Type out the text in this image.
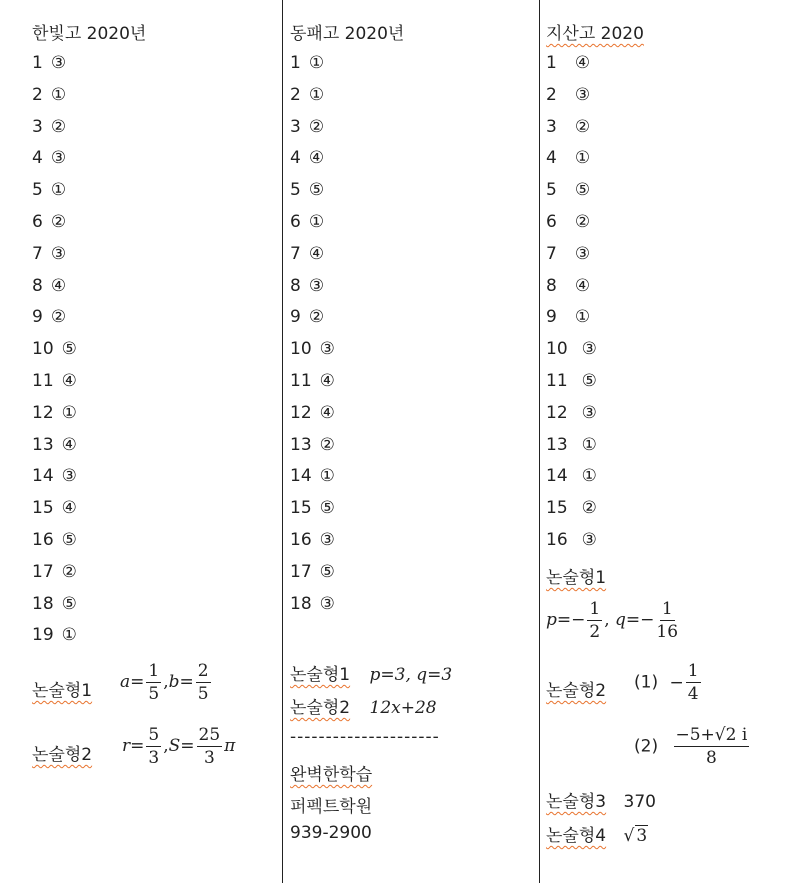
한빛고 2020년
1 ③
2 ①
3 ②
4 ③
5 ①
6 ②
7 ③
8 ④
9 ②
10 ⑤
11 ④
12 ①
13 ④
14 ③
15 ④
16 ⑤
17 ②
18 ⑤
19 ①
논술형1 $a= \frac{1}{5} ,b= \frac{2}{5}$
논술형2 $r= \frac{5}{3} ,S= \frac{25}{3}$ π
동패고 2020년
1 ①
2 ①
3 ②
4 ④
5 ⑤
6 ①
7 ④
8 ③
9 ②
10 ③
11 ④
12 ④
13 ②
14 ①
15 ⑤
16 ③
17 ⑤
18 ③
논술형1 p=3, q=3
논술형2 12x+28
---------------------
완벽한학습
퍼펙트학원
939-2900
지산고 2020
1 ④
2 ③
3 ②
4 ①
5 ⑤
6 ②
7 ③
8 ④
9 ①
10 ③
11 ⑤
12 ③
13 ①
14 ①
15 ②
16 ③
논술형1
$p=- \frac{1}{2}$ , $q=- \frac{1}{16}$
논술형2 $(1) - \frac{1}{4}$
$(2) \frac{-5+√2 i}{8}$
논술형3 370
논술형4 √ 3
